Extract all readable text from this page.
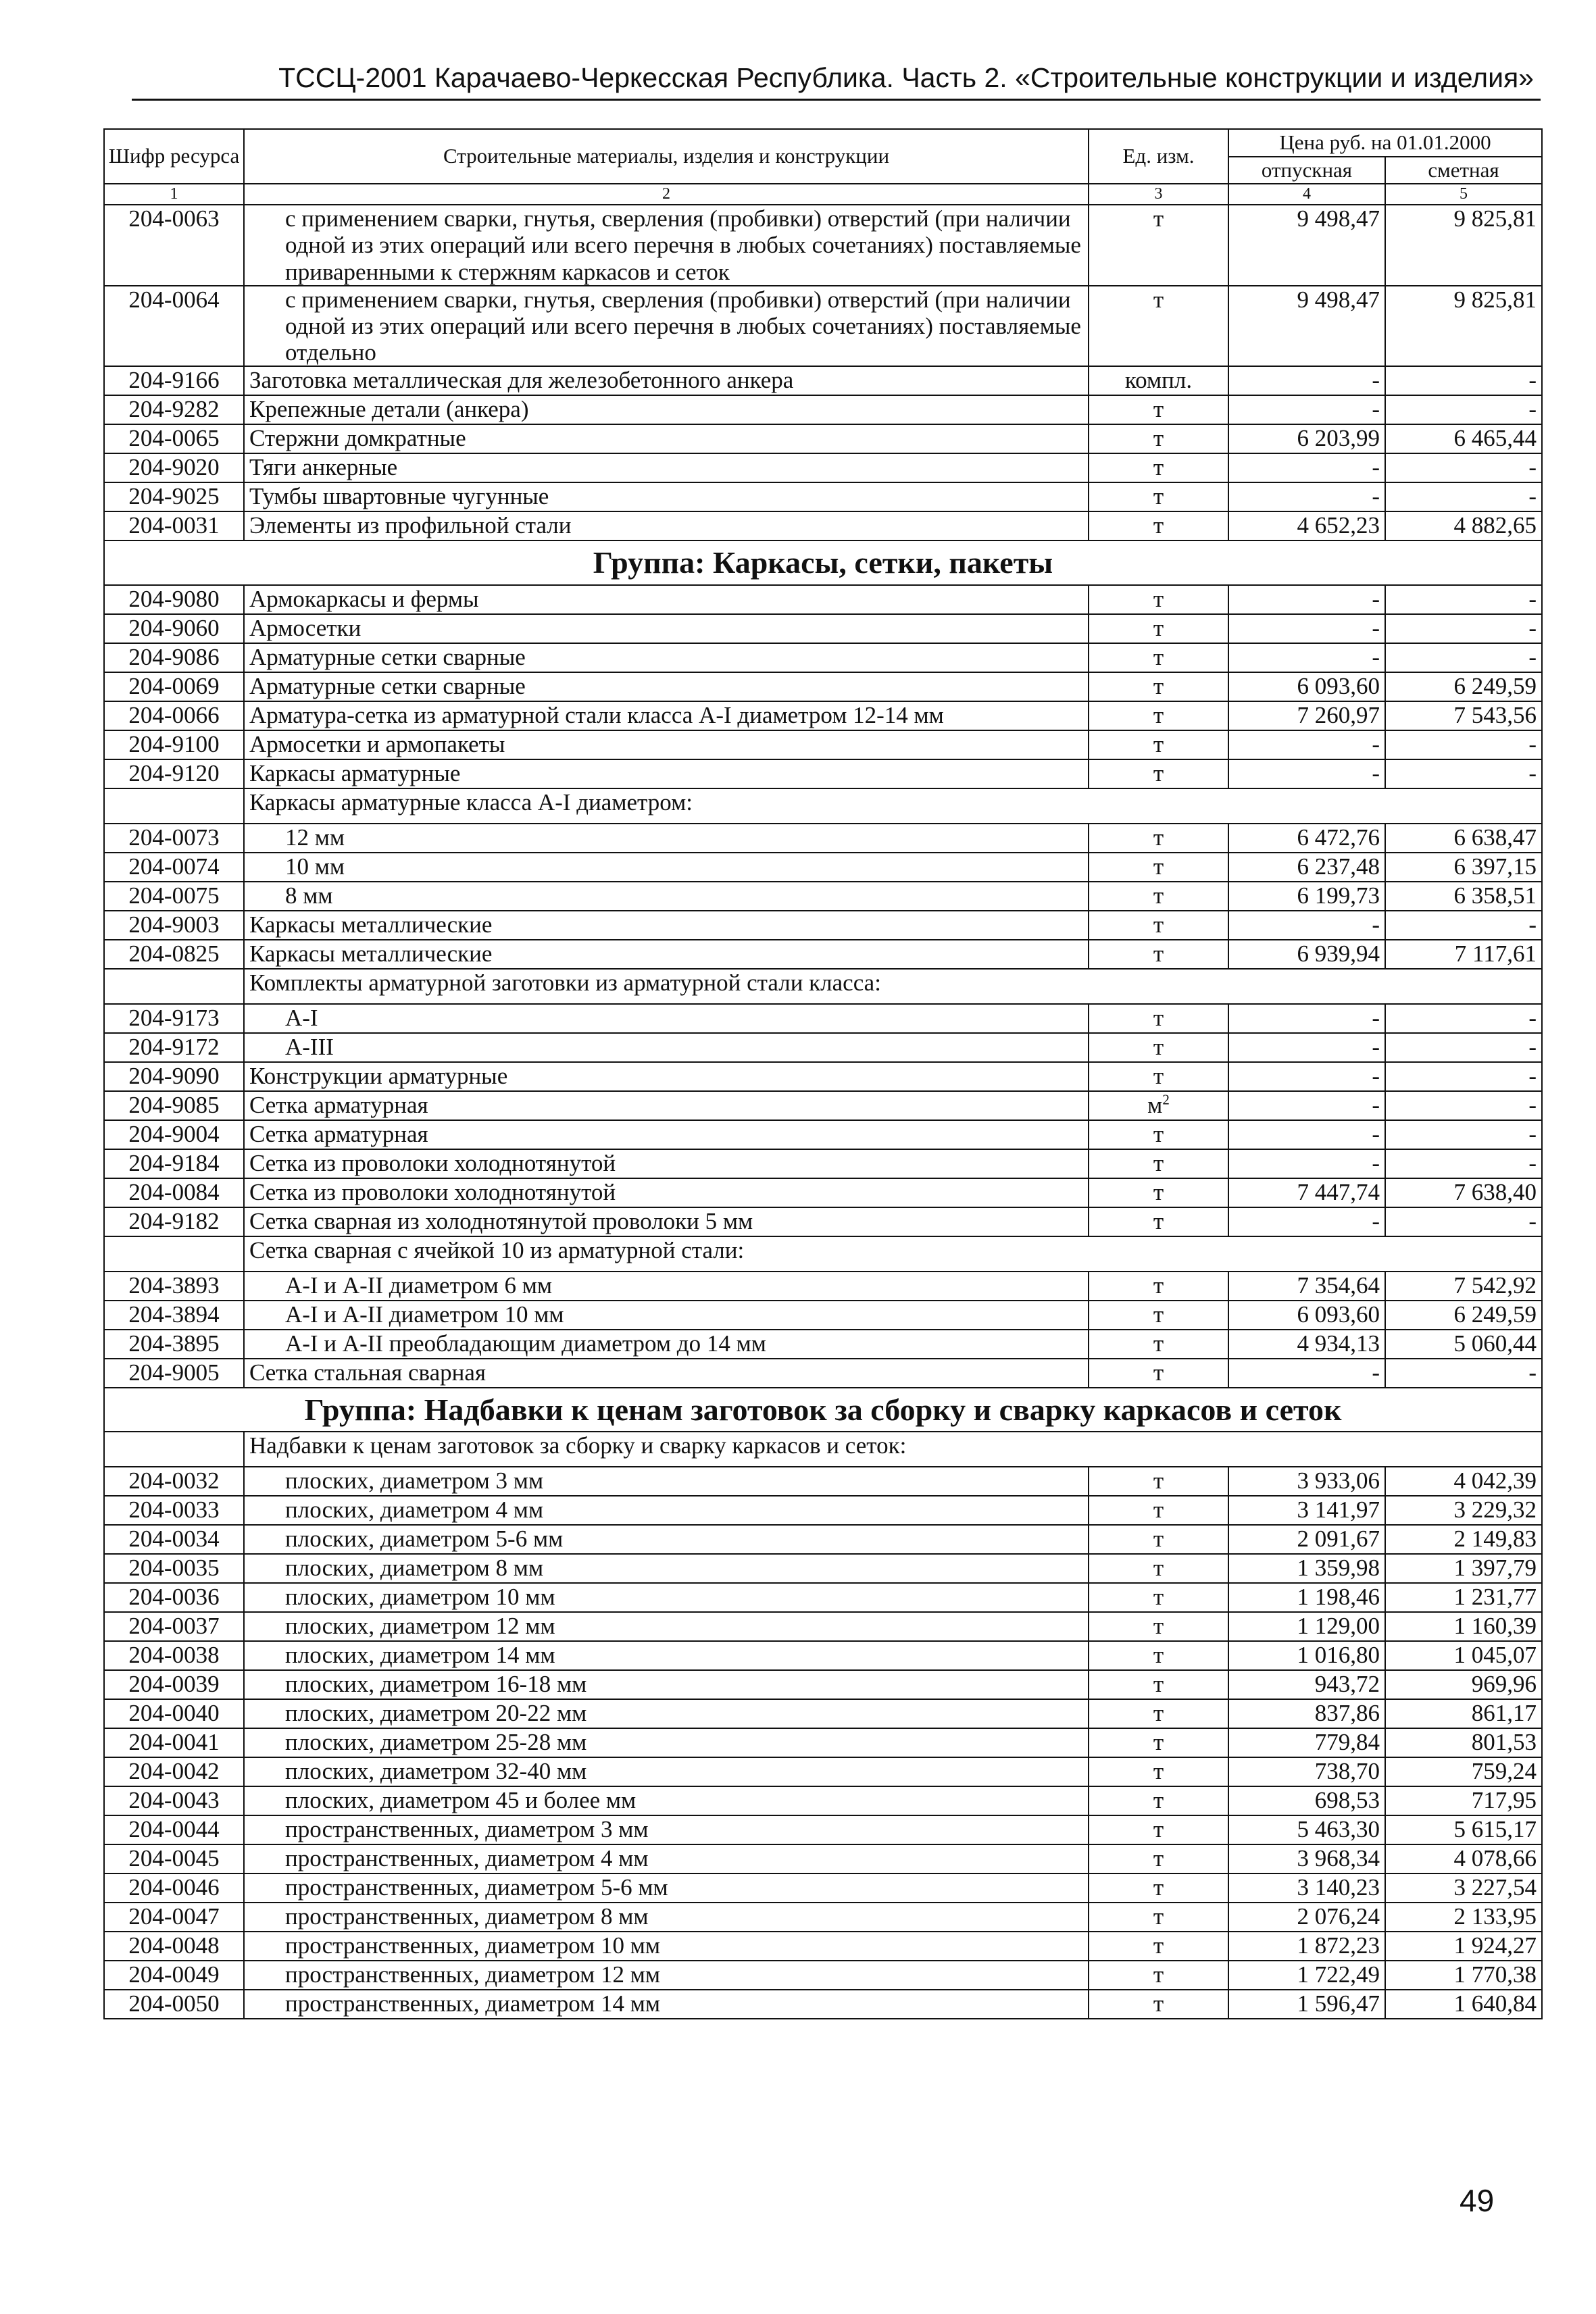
ТССЦ-2001 Карачаево-Черкесская Республика. Часть 2. «Строительные конструкции и изделия»
Шифр ресурса	Строительные материалы, изделия и конструкции	Ед. изм.	Цена руб. на 01.01.2000	
			отпускная	сметная
1	2	3	4	5
204-0063	с применением сварки, гнутья, сверления (пробивки) отверстий (при наличии одной из этих операций или всего перечня в любых сочетаниях) поставляемые приваренными к стержням каркасов и сеток	т	9 498,47	9 825,81
204-0064	с применением сварки, гнутья, сверления (пробивки) отверстий (при наличии одной из этих операций или всего перечня в любых сочетаниях) поставляемые отдельно	т	9 498,47	9 825,81
204-9166	Заготовка металлическая для железобетонного анкера	компл.	-	-
204-9282	Крепежные детали (анкера)	т	-	-
204-0065	Стержни домкратные	т	6 203,99	6 465,44
204-9020	Тяги анкерные	т	-	-
204-9025	Тумбы швартовные чугунные	т	-	-
204-0031	Элементы из профильной стали	т	4 652,23	4 882,65
Группа: Каркасы, сетки, пакеты				
204-9080	Армокаркасы и фермы	т	-	-
204-9060	Армосетки	т	-	-
204-9086	Арматурные сетки сварные	т	-	-
204-0069	Арматурные сетки сварные	т	6 093,60	6 249,59
204-0066	Арматура-сетка из арматурной стали класса А-I диаметром 12-14 мм	т	7 260,97	7 543,56
204-9100	Армосетки и армопакеты	т	-	-
204-9120	Каркасы арматурные	т	-	-
	Каркасы арматурные класса А-I диаметром:			
204-0073	12 мм	т	6 472,76	6 638,47
204-0074	10 мм	т	6 237,48	6 397,15
204-0075	8 мм	т	6 199,73	6 358,51
204-9003	Каркасы металлические	т	-	-
204-0825	Каркасы металлические	т	6 939,94	7 117,61
	Комплекты арматурной заготовки из арматурной стали класса:			
204-9173	А-I	т	-	-
204-9172	А-III	т	-	-
204-9090	Конструкции арматурные	т	-	-
204-9085	Сетка арматурная	$м^2$	-	-
204-9004	Сетка арматурная	т	-	-
204-9184	Сетка из проволоки холоднотянутой	т	-	-
204-0084	Сетка из проволоки холоднотянутой	т	7 447,74	7 638,40
204-9182	Сетка сварная из холоднотянутой проволоки 5 мм	т	-	-
	Сетка сварная с ячейкой 10 из арматурной стали:			
204-3893	А-I и А-II диаметром 6 мм	т	7 354,64	7 542,92
204-3894	А-I и А-II диаметром 10 мм	т	6 093,60	6 249,59
204-3895	А-I и А-II преобладающим диаметром до 14 мм	т	4 934,13	5 060,44
204-9005	Сетка стальная сварная	т	-	-
Группа: Надбавки к ценам заготовок за сборку и сварку каркасов и сеток				
	Надбавки к ценам заготовок за сборку и сварку каркасов и сеток:			
204-0032	плоских, диаметром 3 мм	т	3 933,06	4 042,39
204-0033	плоских, диаметром 4 мм	т	3 141,97	3 229,32
204-0034	плоских, диаметром 5-6 мм	т	2 091,67	2 149,83
204-0035	плоских, диаметром 8 мм	т	1 359,98	1 397,79
204-0036	плоских, диаметром 10 мм	т	1 198,46	1 231,77
204-0037	плоских, диаметром 12 мм	т	1 129,00	1 160,39
204-0038	плоских, диаметром 14 мм	т	1 016,80	1 045,07
204-0039	плоских, диаметром 16-18 мм	т	943,72	969,96
204-0040	плоских, диаметром 20-22 мм	т	837,86	861,17
204-0041	плоских, диаметром 25-28 мм	т	779,84	801,53
204-0042	плоских, диаметром 32-40 мм	т	738,70	759,24
204-0043	плоских, диаметром 45 и более мм	т	698,53	717,95
204-0044	пространственных, диаметром 3 мм	т	5 463,30	5 615,17
204-0045	пространственных, диаметром 4 мм	т	3 968,34	4 078,66
204-0046	пространственных, диаметром 5-6 мм	т	3 140,23	3 227,54
204-0047	пространственных, диаметром 8 мм	т	2 076,24	2 133,95
204-0048	пространственных, диаметром 10 мм	т	1 872,23	1 924,27
204-0049	пространственных, диаметром 12 мм	т	1 722,49	1 770,38
204-0050	пространственных, диаметром 14 мм	т	1 596,47	1 640,84
49
